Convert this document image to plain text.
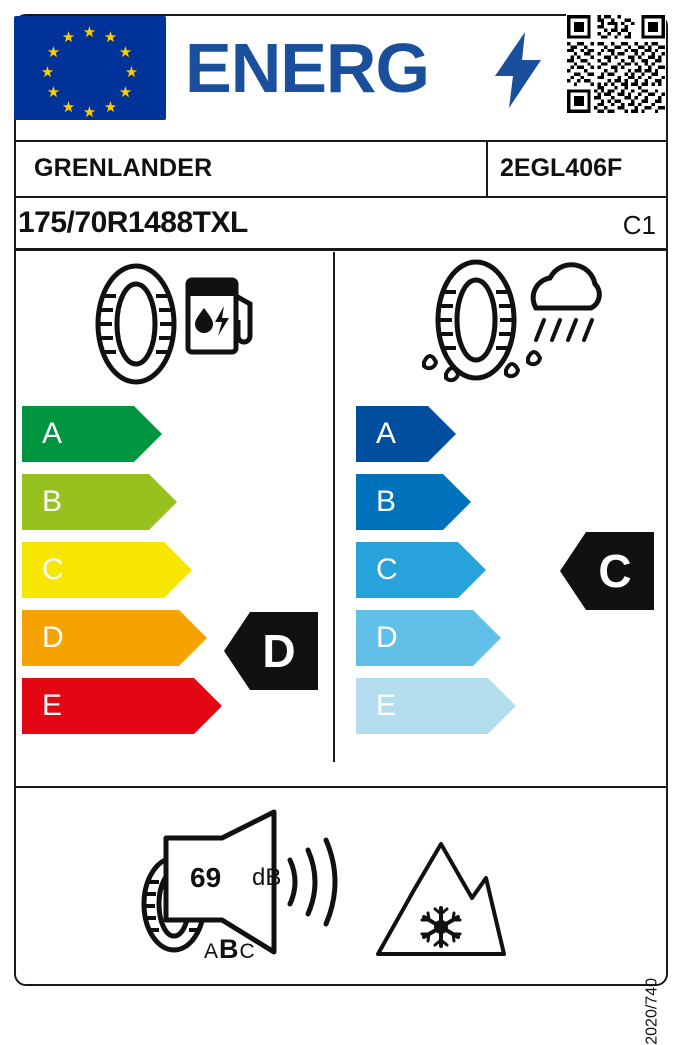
★ ★
★
★
★
★
★
★
★
★
★
★ ENERG
GRENLANDER	2EGL406F
175/70R1488TXL	C1
A
B
C
D
E
A
B
C
D
E
D
C
69 dB
ABC
2020/740
